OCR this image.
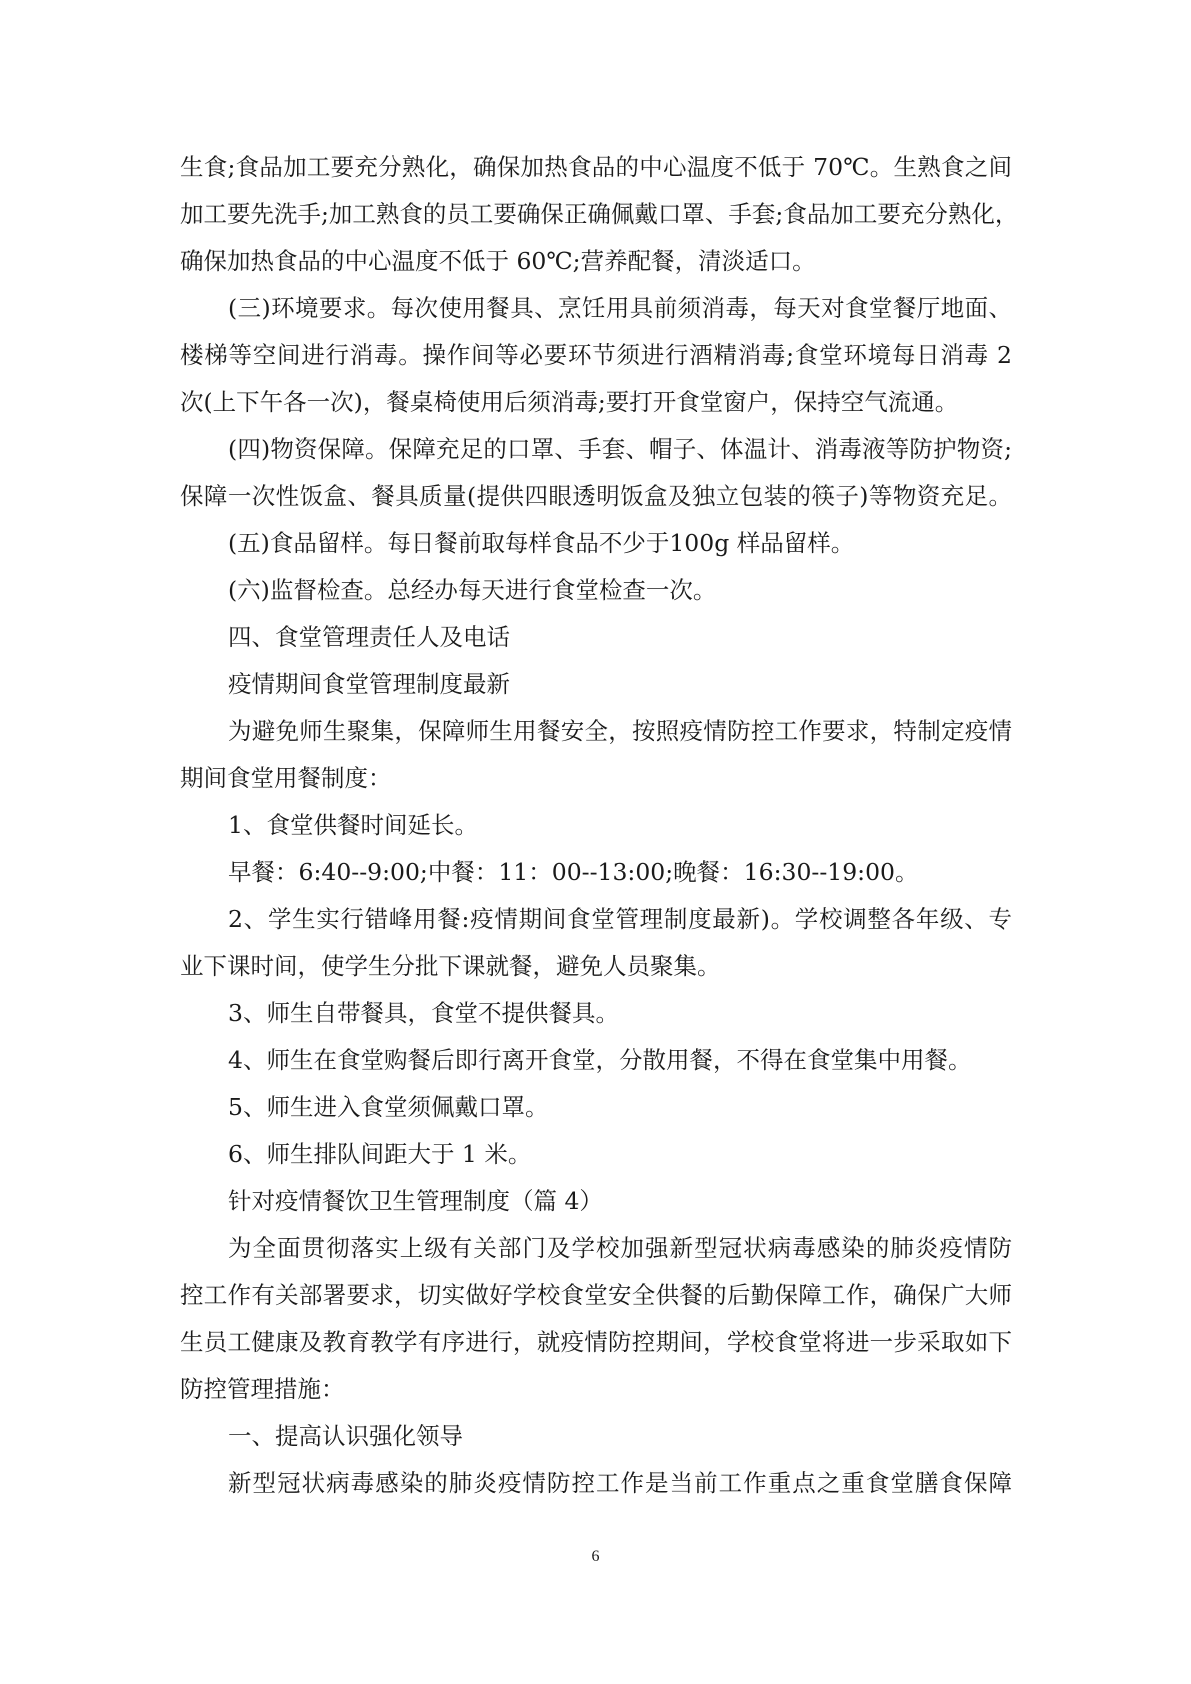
生食;食品加工要充分熟化，确保加热食品的中心温度不低于 70℃。生熟食之间
加工要先洗手;加工熟食的员工要确保正确佩戴口罩、手套;食品加工要充分熟化，
确保加热食品的中心温度不低于 60℃;营养配餐，清淡适口。
(三)环境要求。每次使用餐具、烹饪用具前须消毒，每天对食堂餐厅地面、
楼梯等空间进行消毒。操作间等必要环节须进行酒精消毒;食堂环境每日消毒 2
次(上下午各一次)，餐桌椅使用后须消毒;要打开食堂窗户，保持空气流通。
(四)物资保障。保障充足的口罩、手套、帽子、体温计、消毒液等防护物资;
保障一次性饭盒、餐具质量(提供四眼透明饭盒及独立包装的筷子)等物资充足。
(五)食品留样。每日餐前取每样食品不少于100g 样品留样。
(六)监督检查。总经办每天进行食堂检查一次。
四、食堂管理责任人及电话
疫情期间食堂管理制度最新
为避免师生聚集，保障师生用餐安全，按照疫情防控工作要求，特制定疫情
期间食堂用餐制度：
1、食堂供餐时间延长。
早餐：6:40--9:00;中餐：11：00--13:00;晚餐：16:30--19:00。
2、学生实行错峰用餐:疫情期间食堂管理制度最新)。学校调整各年级、专
业下课时间，使学生分批下课就餐，避免人员聚集。
3、师生自带餐具，食堂不提供餐具。
4、师生在食堂购餐后即行离开食堂，分散用餐，不得在食堂集中用餐。
5、师生进入食堂须佩戴口罩。
6、师生排队间距大于 1 米。
针对疫情餐饮卫生管理制度（篇 4）
为全面贯彻落实上级有关部门及学校加强新型冠状病毒感染的肺炎疫情防
控工作有关部署要求，切实做好学校食堂安全供餐的后勤保障工作，确保广大师
生员工健康及教育教学有序进行，就疫情防控期间，学校食堂将进一步采取如下
防控管理措施：
一、提高认识强化领导
新型冠状病毒感染的肺炎疫情防控工作是当前工作重点之重食堂膳食保障
6
